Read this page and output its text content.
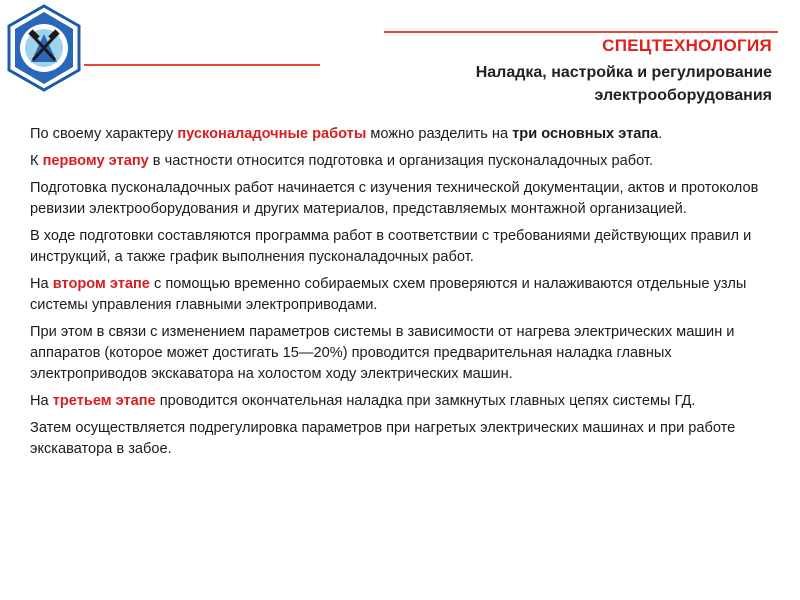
СПЕЦТЕХНОЛОГИЯ
Наладка, настройка и регулирование
электрооборудования

По своему характеру пусконаладочные работы можно разделить на три основных этапа.

К первому этапу в частности относится подготовка и организация пусконаладочных работ.

Подготовка пусконаладочных работ начинается с изучения технической документации, актов и протоколов ревизии электрооборудования и других материалов, представляемых монтажной организацией.

В ходе подготовки составляются программа работ в соответствии с требованиями действующих правил и инструкций, а также график выполнения пусконаладочных работ.

На втором этапе с помощью временно собираемых схем проверяются и налаживаются отдельные узлы системы управления главными электроприводами.

При этом в связи с изменением параметров системы в зависимости от нагрева электрических машин и аппаратов (которое может достигать 15—20%) проводится предварительная наладка главных электроприводов экскаватора на холостом ходу электрических машин.

На третьем этапе проводится окончательная наладка при замкнутых главных цепях системы ГД.

Затем осуществляется подрегулировка параметров при нагретых электрических машинах и при работе экскаватора в забое.
